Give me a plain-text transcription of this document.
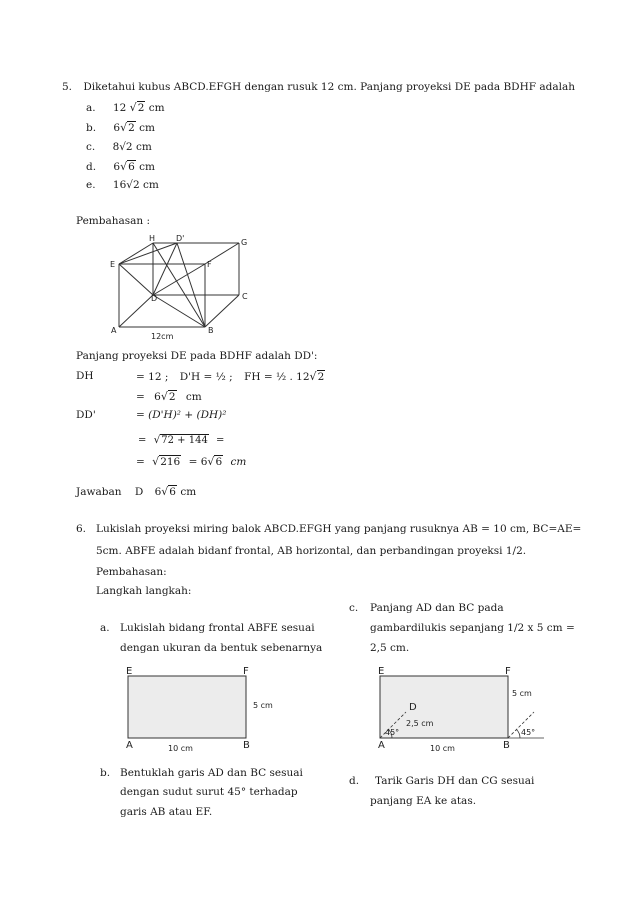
5. Diketahui kubus ABCD.EFGH dengan rusuk 12 cm. Panjang proyeksi DE pada BDHF adalah
a. 12 √ 2 cm
b. 6 √ 2 cm
c. 8√2 cm
d. 6 √ 6 cm
e. 16√2 cm
Pembahasan :
A	B
C
D
E	F
G
H	D'
12cm
Panjang proyeksi DE pada BDHF adalah DD':
DH	= 12 ; D'H = ½ ; FH = ½ . 12 √ 2
= 6 √ 2 cm
DD'	= (D'H)² + (DH)²
= √ 72 + 144 =
= √ 216 = 6 √ 6 cm
Jawaban D 6 √ 6 cm
6. Lukislah proyeksi miring balok ABCD.EFGH yang panjang rusuknya AB = 10 cm, BC=AE=
5cm. ABFE adalah bidanf frontal, AB horizontal, dan perbandingan proyeksi 1/2.
Pembahasan:
Langkah langkah:
a. Lukislah bidang frontal ABFE sesuai
dengan ukuran da bentuk sebenarnya
E	F
A	B
5 cm
10 cm
b. Bentuklah garis AD dan BC sesuai
dengan sudut surut 45° terhadap
garis AB atau EF.
c. Panjang AD dan BC pada
gambardilukis sepanjang 1/2 x 5 cm =
2,5 cm.
E	F
A	B
D
5 cm
10 cm
2,5 cm
45°	45°
d. Tarik Garis DH dan CG sesuai
panjang EA ke atas.
